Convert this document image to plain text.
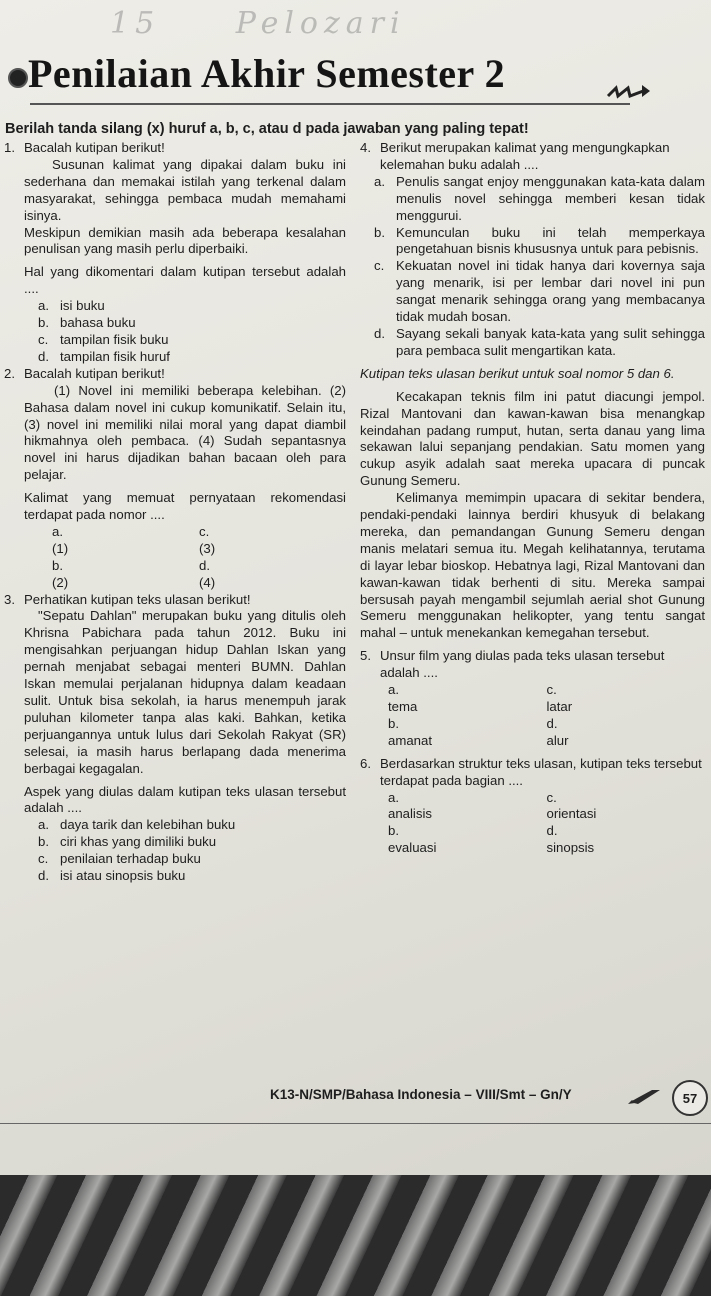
15	Pelozari
Penilaian Akhir Semester 2
Berilah tanda silang (x) huruf a, b, c, atau d pada jawaban yang paling tepat!
1. Bacalah kutipan berikut!

Susunan kalimat yang dipakai dalam buku ini sederhana dan memakai istilah yang terkenal dalam masyarakat, sehingga pembaca mudah memahami isinya.

Meskipun demikian masih ada beberapa kesalahan penulisan yang masih perlu diperbaiki.

Hal yang dikomentari dalam kutipan tersebut adalah ....

a. isi buku
b. bahasa buku
c. tampilan fisik buku
d. tampilan fisik huruf
2. Bacalah kutipan berikut!

(1) Novel ini memiliki beberapa kelebihan. (2) Bahasa dalam novel ini cukup komunikatif. Selain itu, (3) novel ini memiliki nilai moral yang dapat diambil hikmahnya oleh pembaca. (4) Sudah sepantasnya novel ini harus dijadikan bahan bacaan oleh para pelajar.

Kalimat yang memuat pernyataan rekomendasi terdapat pada nomor ....

a.
(1)
c.
(3)
b.
(2)
d.
(4)
3. Perhatikan kutipan teks ulasan berikut!

"Sepatu Dahlan" merupakan buku yang ditulis oleh Khrisna Pabichara pada tahun 2012. Buku ini mengisahkan perjuangan hidup Dahlan Iskan yang pernah menjabat sebagai menteri BUMN. Dahlan Iskan memulai perjalanan hidupnya dalam keadaan sulit. Untuk bisa sekolah, ia harus menempuh jarak puluhan kilometer tanpa alas kaki. Bahkan, ketika perjuangannya untuk lulus dari Sekolah Rakyat (SR) selesai, ia masih harus berlapang dada menerima berbagai kegagalan.

Aspek yang diulas dalam kutipan teks ulasan tersebut adalah ....

a. daya tarik dan kelebihan buku
b. ciri khas yang dimiliki buku
c. penilaian terhadap buku
d. isi atau sinopsis buku
4. Berikut merupakan kalimat yang mengungkapkan kelemahan buku adalah ....
a. Penulis sangat enjoy menggunakan kata-kata dalam menulis novel sehingga memberi kesan tidak menggurui.
b. Kemunculan buku ini telah memperkaya pengetahuan bisnis khususnya untuk para pebisnis.
c. Kekuatan novel ini tidak hanya dari kovernya saja yang menarik, isi per lembar dari novel ini pun sangat menarik sehingga orang yang membacanya tidak mudah bosan.
d. Sayang sekali banyak kata-kata yang sulit sehingga para pembaca sulit mengartikan kata.

Kutipan teks ulasan berikut untuk soal nomor 5 dan 6.

Kecakapan teknis film ini patut diacungi jempol. Rizal Mantovani dan kawan-kawan bisa menangkap keindahan padang rumput, hutan, serta danau yang lima sekawan lalui sepanjang pendakian. Satu momen yang cukup asyik adalah saat mereka upacara di puncak Gunung Semeru.

Kelimanya memimpin upacara di sekitar bendera, pendaki-pendaki lainnya berdiri khusyuk di belakang mereka, dan pemandangan Gunung Semeru dengan manis melatari semua itu. Megah kelihatannya, terutama di layar lebar bioskop. Hebatnya lagi, Rizal Mantovani dan kawan-kawan tidak berhenti di situ. Mereka sampai bersusah payah mengambil sejumlah aerial shot Gunung Semeru menggunakan helikopter, yang tentu sangat mahal – untuk menekankan kemegahan tersebut.

5. Unsur film yang diulas pada teks ulasan tersebut adalah ....
a.
tema
c.
latar
b.
amanat
d.
alur
6. Berdasarkan struktur teks ulasan, kutipan teks tersebut terdapat pada bagian ....
a.
analisis
c.
orientasi
b.
evaluasi
d.
sinopsis
K13-N/SMP/Bahasa Indonesia – VIII/Smt – Gn/Y	57
